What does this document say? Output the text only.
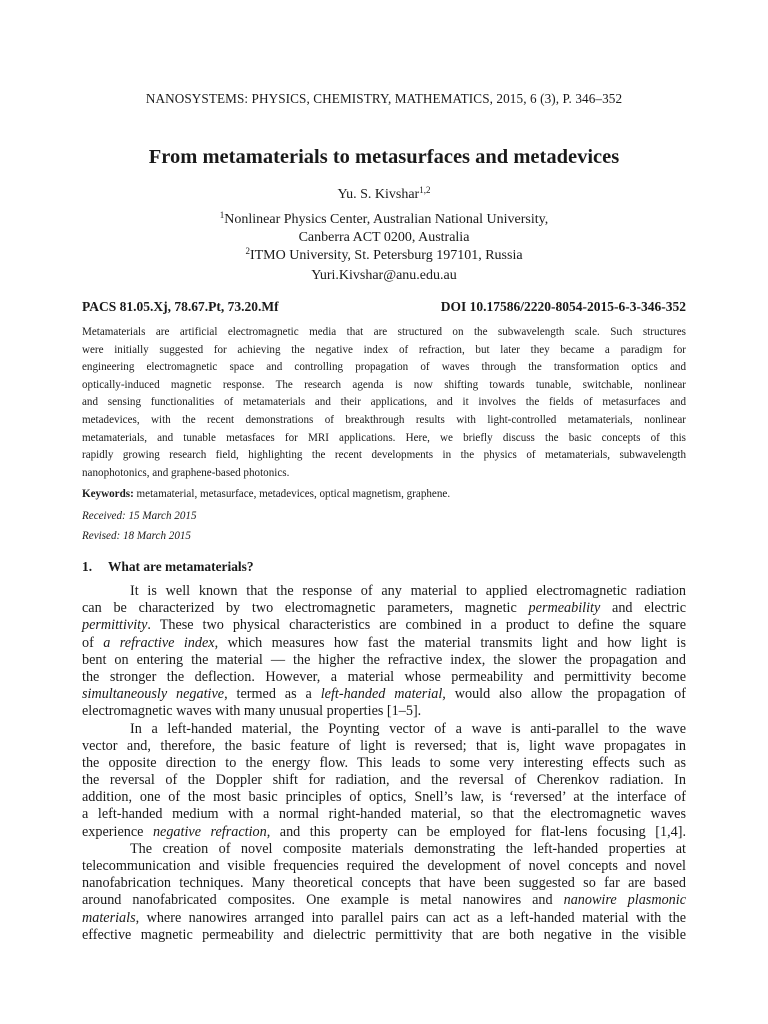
NANOSYSTEMS: PHYSICS, CHEMISTRY, MATHEMATICS, 2015, 6 (3), P. 346–352
From metamaterials to metasurfaces and metadevices
Yu. S. Kivshar$^{1,2}$
$^1$Nonlinear Physics Center, Australian National University,
Canberra ACT 0200, Australia
$^2$ITMO University, St. Petersburg 197101, Russia
Yuri.Kivshar@anu.edu.au
PACS 81.05.Xj, 78.67.Pt, 73.20.Mf	DOI 10.17586/2220-8054-2015-6-3-346-352
Metamaterials are artificial electromagnetic media that are structured on the subwavelength scale. Such structures
were initially suggested for achieving the negative index of refraction, but later they became a paradigm for
engineering electromagnetic space and controlling propagation of waves through the transformation optics and
optically-induced magnetic response. The research agenda is now shifting towards tunable, switchable, nonlinear
and sensing functionalities of metamaterials and their applications, and it involves the fields of metasurfaces and
metadevices, with the recent demonstrations of breakthrough results with light-controlled metamaterials, nonlinear
metamaterials, and tunable metasfaces for MRI applications. Here, we briefly discuss the basic concepts of this
rapidly growing research field, highlighting the recent developments in the physics of metamaterials, subwavelength
nanophotonics, and graphene-based photonics.
Keywords: metamaterial, metasurface, metadevices, optical magnetism, graphene.
Received: 15 March 2015
Revised: 18 March 2015
1. What are metamaterials?
It is well known that the response of any material to applied electromagnetic radiation
can be characterized by two electromagnetic parameters, magnetic permeability and electric
permittivity. These two physical characteristics are combined in a product to define the square
of a refractive index, which measures how fast the material transmits light and how light is
bent on entering the material — the higher the refractive index, the slower the propagation and
the stronger the deflection. However, a material whose permeability and permittivity become
simultaneously negative, termed as a left-handed material, would also allow the propagation of
electromagnetic waves with many unusual properties [1–5].
In a left-handed material, the Poynting vector of a wave is anti-parallel to the wave
vector and, therefore, the basic feature of light is reversed; that is, light wave propagates in
the opposite direction to the energy flow. This leads to some very interesting effects such as
the reversal of the Doppler shift for radiation, and the reversal of Cherenkov radiation. In
addition, one of the most basic principles of optics, Snell’s law, is ‘reversed’ at the interface of
a left-handed medium with a normal right-handed material, so that the electromagnetic waves
experience negative refraction, and this property can be employed for flat-lens focusing [1,4].
The creation of novel composite materials demonstrating the left-handed properties at
telecommunication and visible frequencies required the development of novel concepts and novel
nanofabrication techniques. Many theoretical concepts that have been suggested so far are based
around nanofabricated composites. One example is metal nanowires and nanowire plasmonic
materials, where nanowires arranged into parallel pairs can act as a left-handed material with the
effective magnetic permeability and dielectric permittivity that are both negative in the visible
